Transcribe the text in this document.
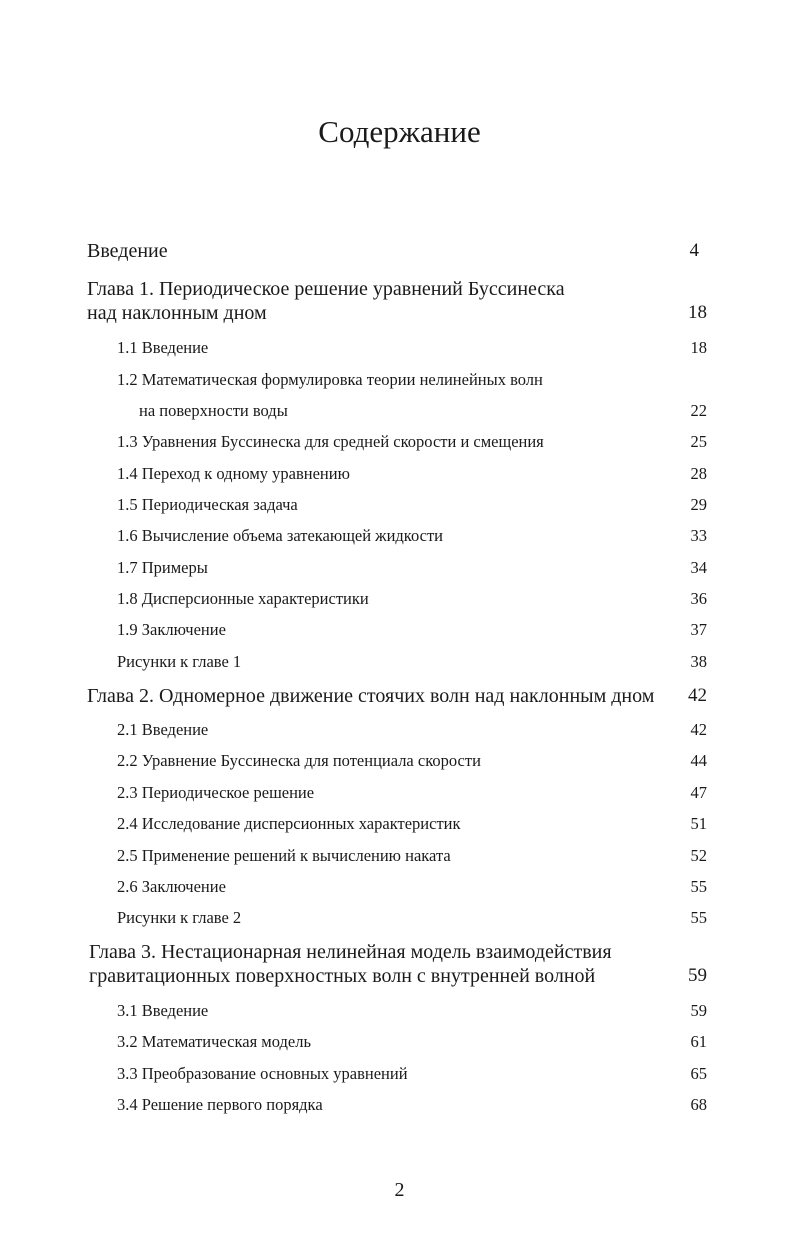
Содержание
Введение	4
Глава 1. Периодическое решение уравнений Буссинеска
над наклонным дном	18
1.1 Введение	18
1.2 Математическая формулировка теории нелинейных волн
на поверхности воды	22
1.3 Уравнения Буссинеска для средней скорости и смещения	25
1.4 Переход к одному уравнению	28
1.5 Периодическая задача	29
1.6 Вычисление объема затекающей жидкости	33
1.7 Примеры	34
1.8 Дисперсионные характеристики	36
1.9 Заключение	37
Рисунки к главе 1	38
Глава 2. Одномерное движение стоячих волн над наклонным дном	42
2.1 Введение	42
2.2 Уравнение Буссинеска для потенциала скорости	44
2.3 Периодическое решение	47
2.4 Исследование дисперсионных характеристик	51
2.5 Применение решений к вычислению наката	52
2.6 Заключение	55
Рисунки к главе 2	55
Глава 3. Нестационарная нелинейная модель взаимодействия
гравитационных поверхностных волн с внутренней волной	59
3.1 Введение	59
3.2 Математическая модель	61
3.3 Преобразование основных уравнений	65
3.4 Решение первого порядка	68
2
